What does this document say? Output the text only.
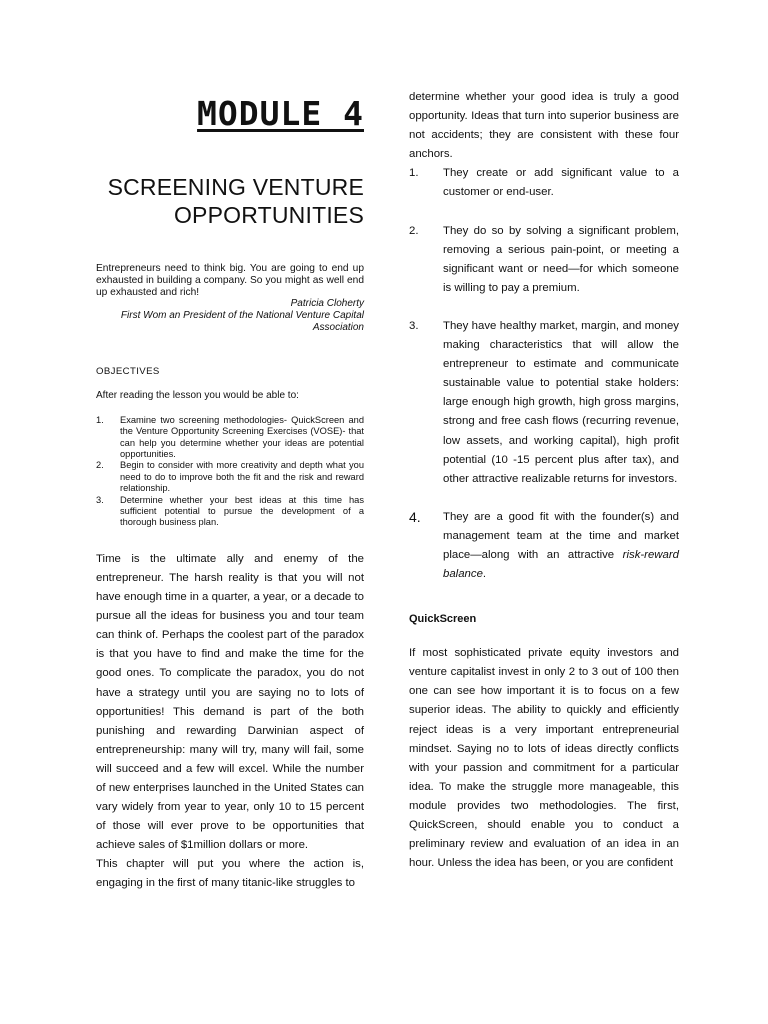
MODULE 4
SCREENING VENTURE
OPPORTUNITIES
Entrepreneurs need to think big. You are going to end up exhausted in building a company. So you might as well end up exhausted and rich!
Patricia Cloherty
First Wom an President of the National Venture Capital Association
OBJECTIVES
After reading the lesson you would be able to:
1.	Examine two screening methodologies- QuickScreen and the Venture Opportunity Screening Exercises (VOSE)- that can help you determine whether your ideas are potential opportunities.
2.	Begin to consider with more creativity and depth what you need to do to improve both the fit and the risk and reward relationship.
3.	Determine whether your best ideas at this time has sufficient potential to pursue the development of a thorough business plan.

Time is the ultimate ally and enemy of the entrepreneur. The harsh reality is that you will not have enough time in a quarter, a year, or a decade to pursue all the ideas for business you and tour team can think of. Perhaps the coolest part of the paradox is that you have to find and make the time for the good ones. To complicate the paradox, you do not have a strategy until you are saying no to lots of opportunities! This demand is part of the both punishing and rewarding Darwinian aspect of entrepreneurship: many will try, many will fail, some will succeed and a few will excel. While the number of new enterprises launched in the United States can vary widely from year to year, only 10 to 15 percent of those will ever prove to be opportunities that achieve sales of $1million dollars or more.

This chapter will put you where the action is, engaging in the first of many titanic-like struggles to

determine whether your good idea is truly a good opportunity. Ideas that turn into superior business are not accidents; they are consistent with these four anchors.

1.	They create or add significant value to a customer or end-user.
2.	They do so by solving a significant problem, removing a serious pain-point, or meeting a significant want or need—for which someone is willing to pay a premium.
3.	They have healthy market, margin, and money making characteristics that will allow the entrepreneur to estimate and communicate sustainable value to potential stake holders: large enough high growth, high gross margins, strong and free cash flows (recurring revenue, low assets, and working capital), high profit potential (10 -15 percent plus after tax), and other attractive realizable returns for investors.
4.	They are a good fit with the founder(s) and management team at the time and market place—along with an attractive risk-reward balance.
QuickScreen

If most sophisticated private equity investors and venture capitalist invest in only 2 to 3 out of 100 then one can see how important it is to focus on a few superior ideas. The ability to quickly and efficiently reject ideas is a very important entrepreneurial mindset. Saying no to lots of ideas directly conflicts with your passion and commitment for a particular idea. To make the struggle more manageable, this module provides two methodologies. The first, QuickScreen, should enable you to conduct a preliminary review and evaluation of an idea in an hour. Unless the idea has been, or you are confident
